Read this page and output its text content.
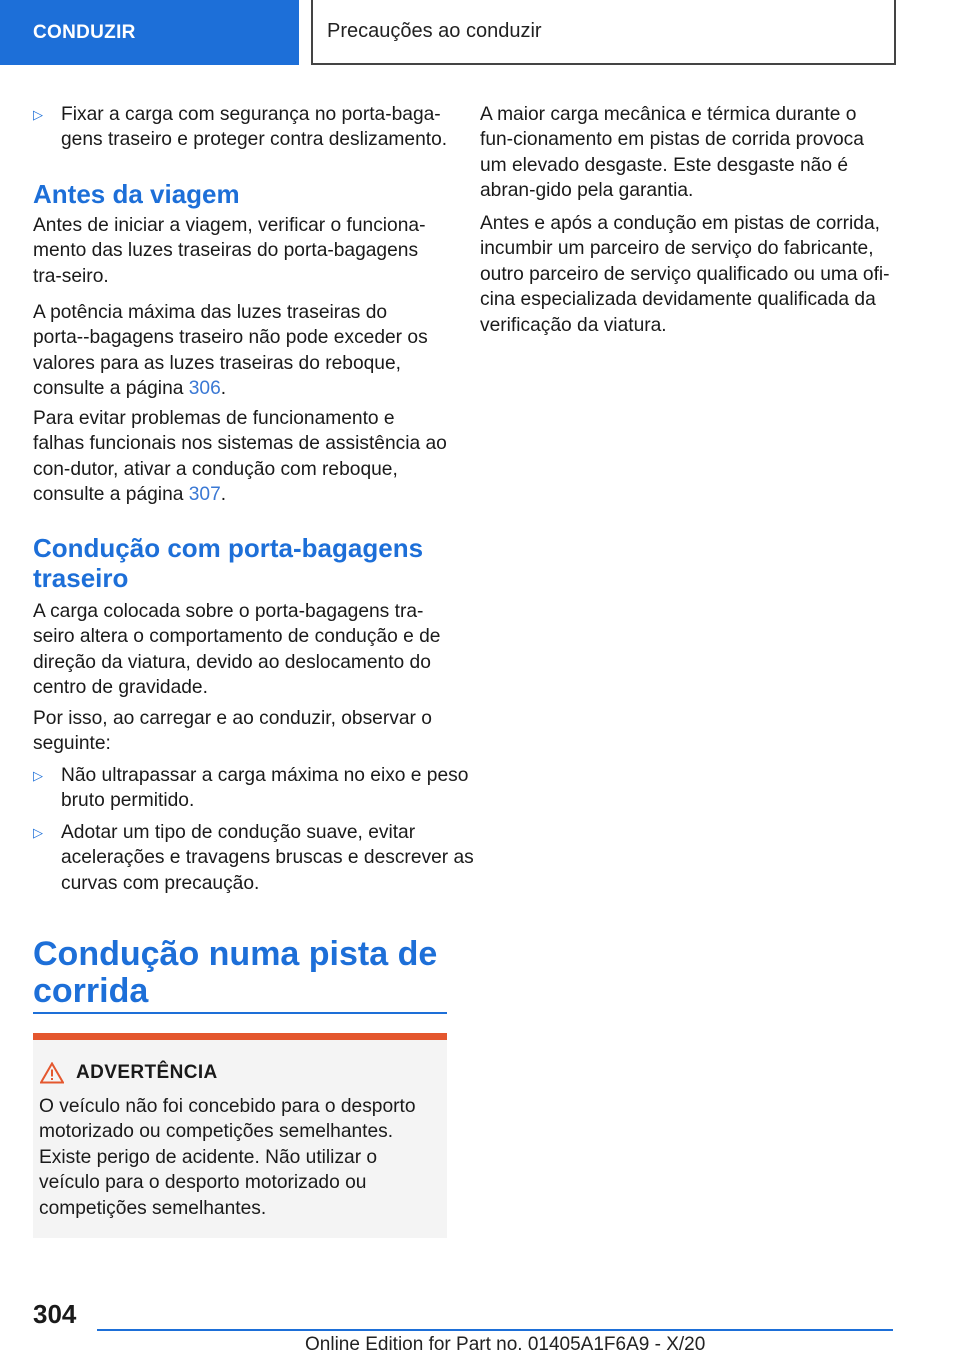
CONDUZIR	Precauções ao conduzir
▷ Fixar a carga com segurança no porta-baga‐gens traseiro e proteger contra deslizamento.

Antes da viagem

Antes de iniciar a viagem, verificar o funciona‐mento das luzes traseiras do porta-bagagens tra‐seiro.

A potência máxima das luzes traseiras do porta‐-bagagens traseiro não pode exceder os valores para as luzes traseiras do reboque, consulte a página 306.

Para evitar problemas de funcionamento e falhas funcionais nos sistemas de assistência ao con‐dutor, ativar a condução com reboque, consulte a página 307.

Condução com porta-bagagens traseiro

A carga colocada sobre o porta-bagagens tra‐seiro altera o comportamento de condução e de direção da viatura, devido ao deslocamento do centro de gravidade.

Por isso, ao carregar e ao conduzir, observar o seguinte:

▷ Não ultrapassar a carga máxima no eixo e peso bruto permitido.

▷ Adotar um tipo de condução suave, evitar acelerações e travagens bruscas e descrever as curvas com precaução.

Condução numa pista de corrida
ADVERTÊNCIA

O veículo não foi concebido para o desporto motorizado ou competições semelhantes. Existe perigo de acidente. Não utilizar o veículo para o desporto motorizado ou competições semelhantes.

A maior carga mecânica e térmica durante o fun‐cionamento em pistas de corrida provoca um elevado desgaste. Este desgaste não é abran‐gido pela garantia.

Antes e após a condução em pistas de corrida, incumbir um parceiro de serviço do fabricante, outro parceiro de serviço qualificado ou uma ofi‐cina especializada devidamente qualificada da verificação da viatura.

304
Online Edition for Part no. 01405A1F6A9 - X/20
